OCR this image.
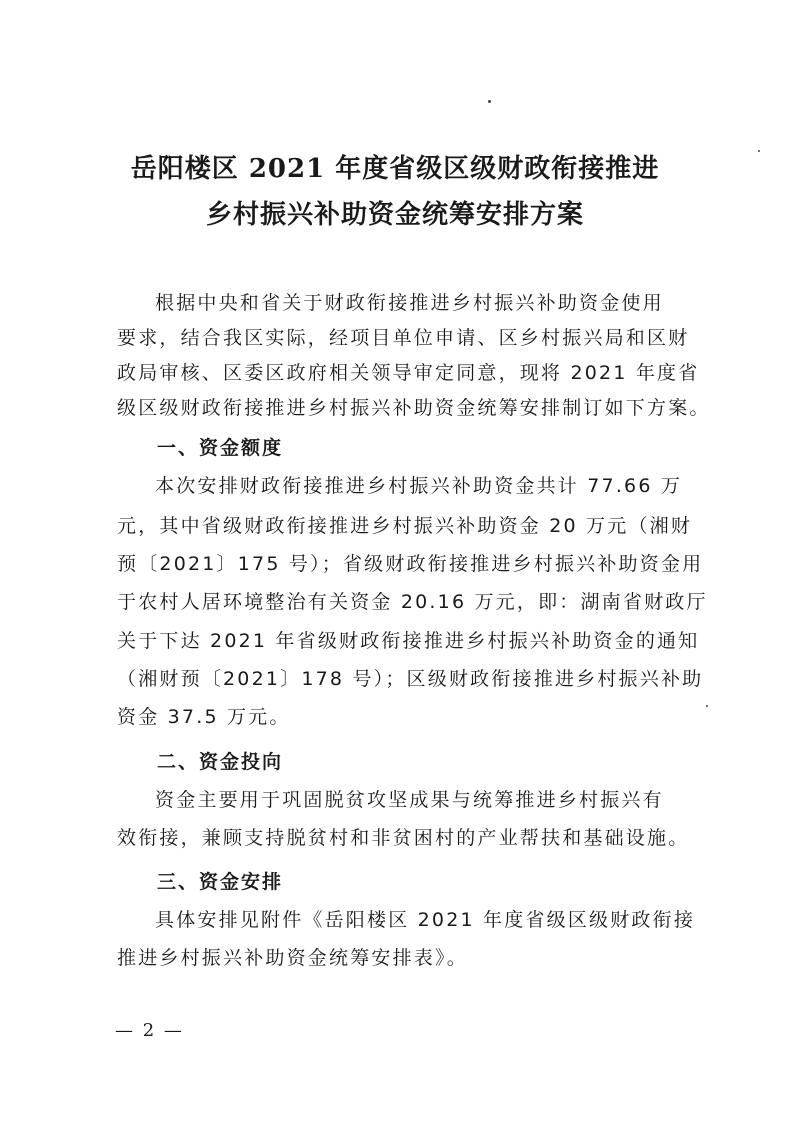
岳阳楼区 2021 年度省级区级财政衔接推进
乡村振兴补助资金统筹安排方案
根据中央和省关于财政衔接推进乡村振兴补助资金使用
要求，结合我区实际，经项目单位申请、区乡村振兴局和区财
政局审核、区委区政府相关领导审定同意，现将 2021 年度省
级区级财政衔接推进乡村振兴补助资金统筹安排制订如下方案。
一、资金额度
本次安排财政衔接推进乡村振兴补助资金共计 77.66 万
元，其中省级财政衔接推进乡村振兴补助资金 20 万元（湘财
预〔2021〕175 号）；省级财政衔接推进乡村振兴补助资金用
于农村人居环境整治有关资金 20.16 万元，即：湖南省财政厅
关于下达 2021 年省级财政衔接推进乡村振兴补助资金的通知
（湘财预〔2021〕178 号）；区级财政衔接推进乡村振兴补助
资金 37.5 万元。
二、资金投向
资金主要用于巩固脱贫攻坚成果与统筹推进乡村振兴有
效衔接，兼顾支持脱贫村和非贫困村的产业帮扶和基础设施。
三、资金安排
具体安排见附件《岳阳楼区 2021 年度省级区级财政衔接
推进乡村振兴补助资金统筹安排表》。
— 2 —
